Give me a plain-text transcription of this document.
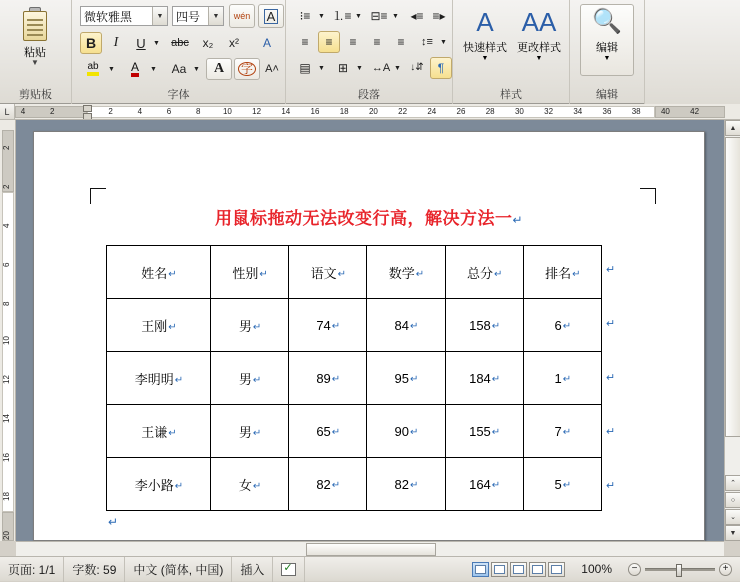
粘贴
▼
剪贴板
微软雅黑	▼ 四号	▼	wén A
B I U ▼ abc x₂ x² A
ab ▼ A ▼ Aa ▼ A 字 A˄
字体
⁝≡ ▼ ⒈≡ ▼ ⊟≡ ▼ ◂≡ ≡▸
≡ ≡ ≡ ≡ ≡ ↕≡ ▼
▤ ▼ ⊞ ▼ ↔A ▼ ↓⇵ ¶
段落
A
快速样式
▼
AA
更改样式
▼
样式
🔍
编辑
▼
编辑
L 4	2	2	4	6	8	10	12	14	16	18	20	22	24	26	28	30	32	34	36	38	40	42
2
2
4
6
8
10
12
14
16
18
20
用鼠标拖动无法改变行高，解决方法一↵
姓名↵	性别↵	语文↵	数学↵	总分↵	排名↵
王刚↵	男↵	74↵	84↵	158↵	6↵
李明明↵	男↵	89↵	95↵	184↵	1↵
王谦↵	男↵	65↵	90↵	155↵	7↵
李小路↵	女↵	82↵	82↵	164↵	5↵
↵
↵
↵
↵
↵
↵
▲
⌃
○
⌄
▼
页面: 1/1 字数: 59 中文 (简体, 中国) 插入 ✓	100% −	+
